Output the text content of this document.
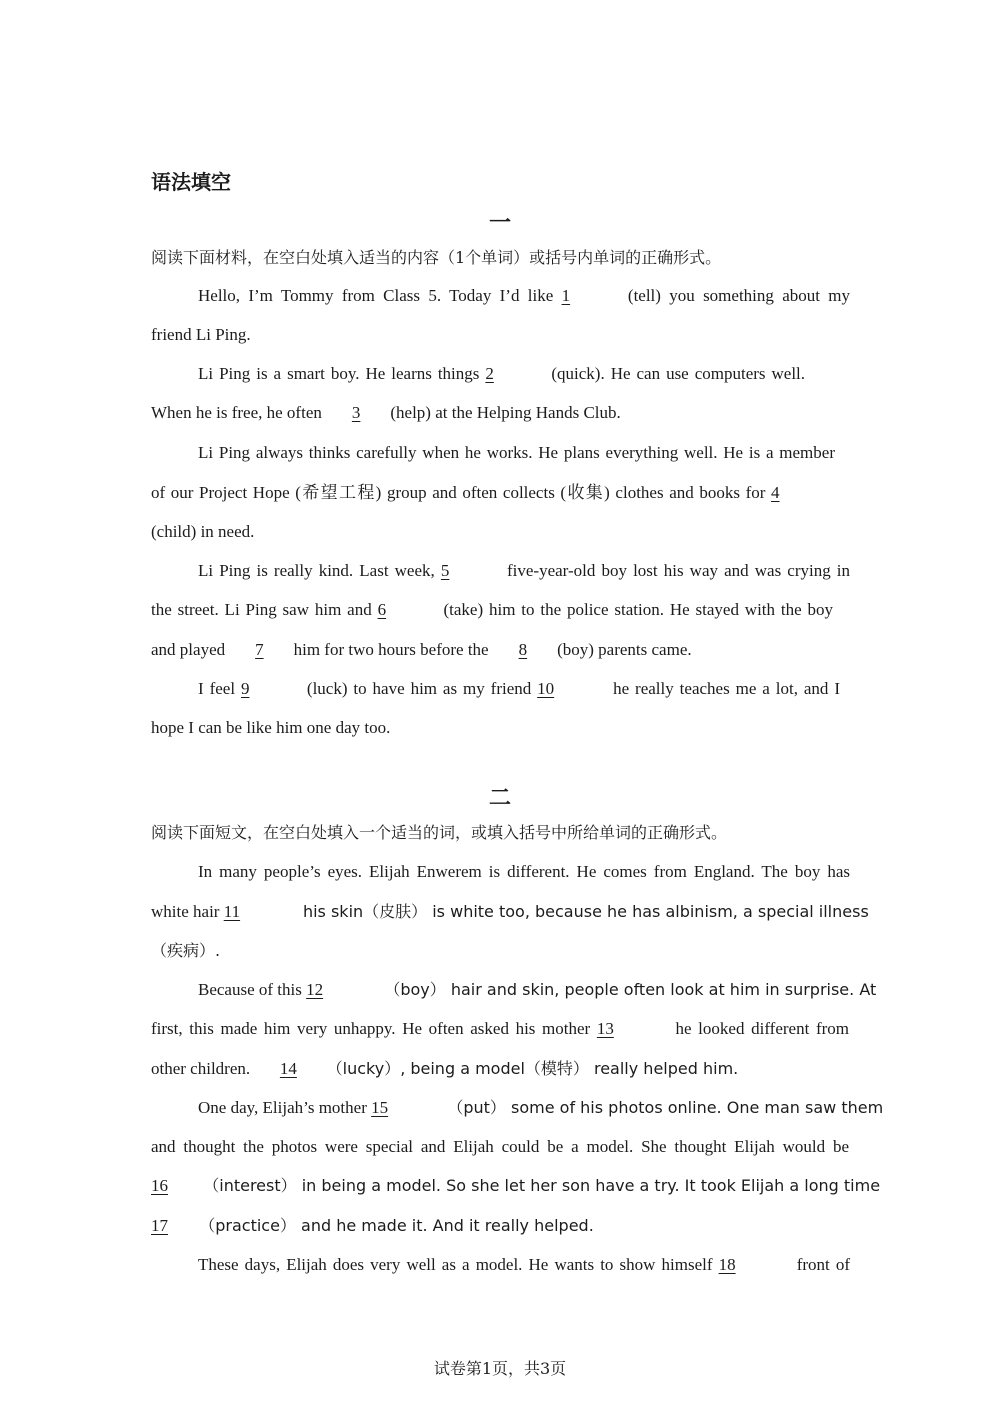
语法填空
一
阅读下面材料，在空白处填入适当的内容（1个单词）或括号内单词的正确形式。
Hello, I’m Tommy from Class 5. Today I’d like 1	(tell) you something about my
friend Li Ping.
Li Ping is a smart boy. He learns things 2	(quick). He can use computers well.
When he is free, he often 3 (help) at the Helping Hands Club.
Li Ping always thinks carefully when he works. He plans everything well. He is a member
of our Project Hope (希望工程) group and often collects (收集) clothes and books for 4
(child) in need.
Li Ping is really kind. Last week, 5	five-year-old boy lost his way and was crying in
the street. Li Ping saw him and 6	(take) him to the police station. He stayed with the boy
and played 7 him for two hours before the 8 (boy) parents came.
I feel 9	(luck) to have him as my friend 10	he really teaches me a lot, and I
hope I can be like him one day too.
二
阅读下面短文，在空白处填入一个适当的词，或填入括号中所给单词的正确形式。
In many people’s eyes. Elijah Enwerem is different. He comes from England. The boy has
white hair 11	his skin（皮肤） is white too, because he has albinism, a special illness
（疾病）.
Because of this 12	（boy） hair and skin, people often look at him in surprise. At
first, this made him very unhappy. He often asked his mother 13	he looked different from
other children. 14 （lucky）, being a model（模特） really helped him.
One day, Elijah’s mother 15	（put） some of his photos online. One man saw them
and thought the photos were special and Elijah could be a model. She thought Elijah would be
16 （interest） in being a model. So she let her son have a try. It took Elijah a long time
17 （practice） and he made it. And it really helped.
These days, Elijah does very well as a model. He wants to show himself 18	front of
试卷第1页，共3页
